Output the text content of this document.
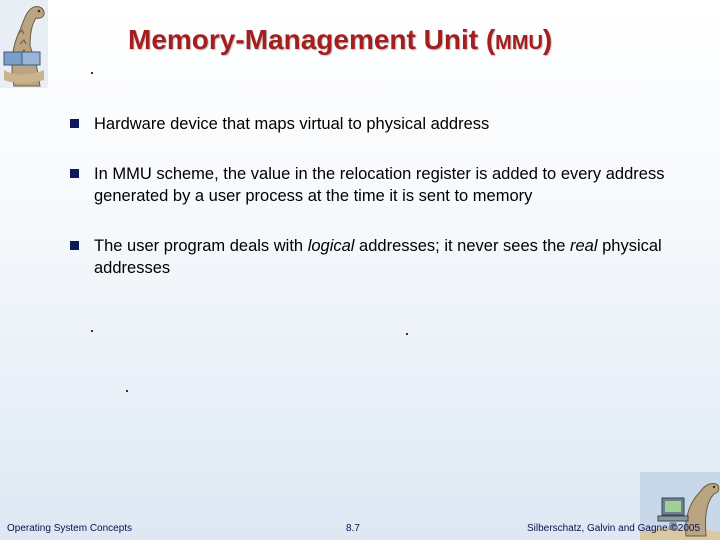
Memory-Management Unit (MMU)
Hardware device that maps virtual to physical address
In MMU scheme, the value in the relocation register is added to every address generated by a user process at the time it is sent to memory
The user program deals with logical addresses; it never sees the real physical addresses
Operating System Concepts	8.7	Silberschatz, Galvin and Gagne ©2005
